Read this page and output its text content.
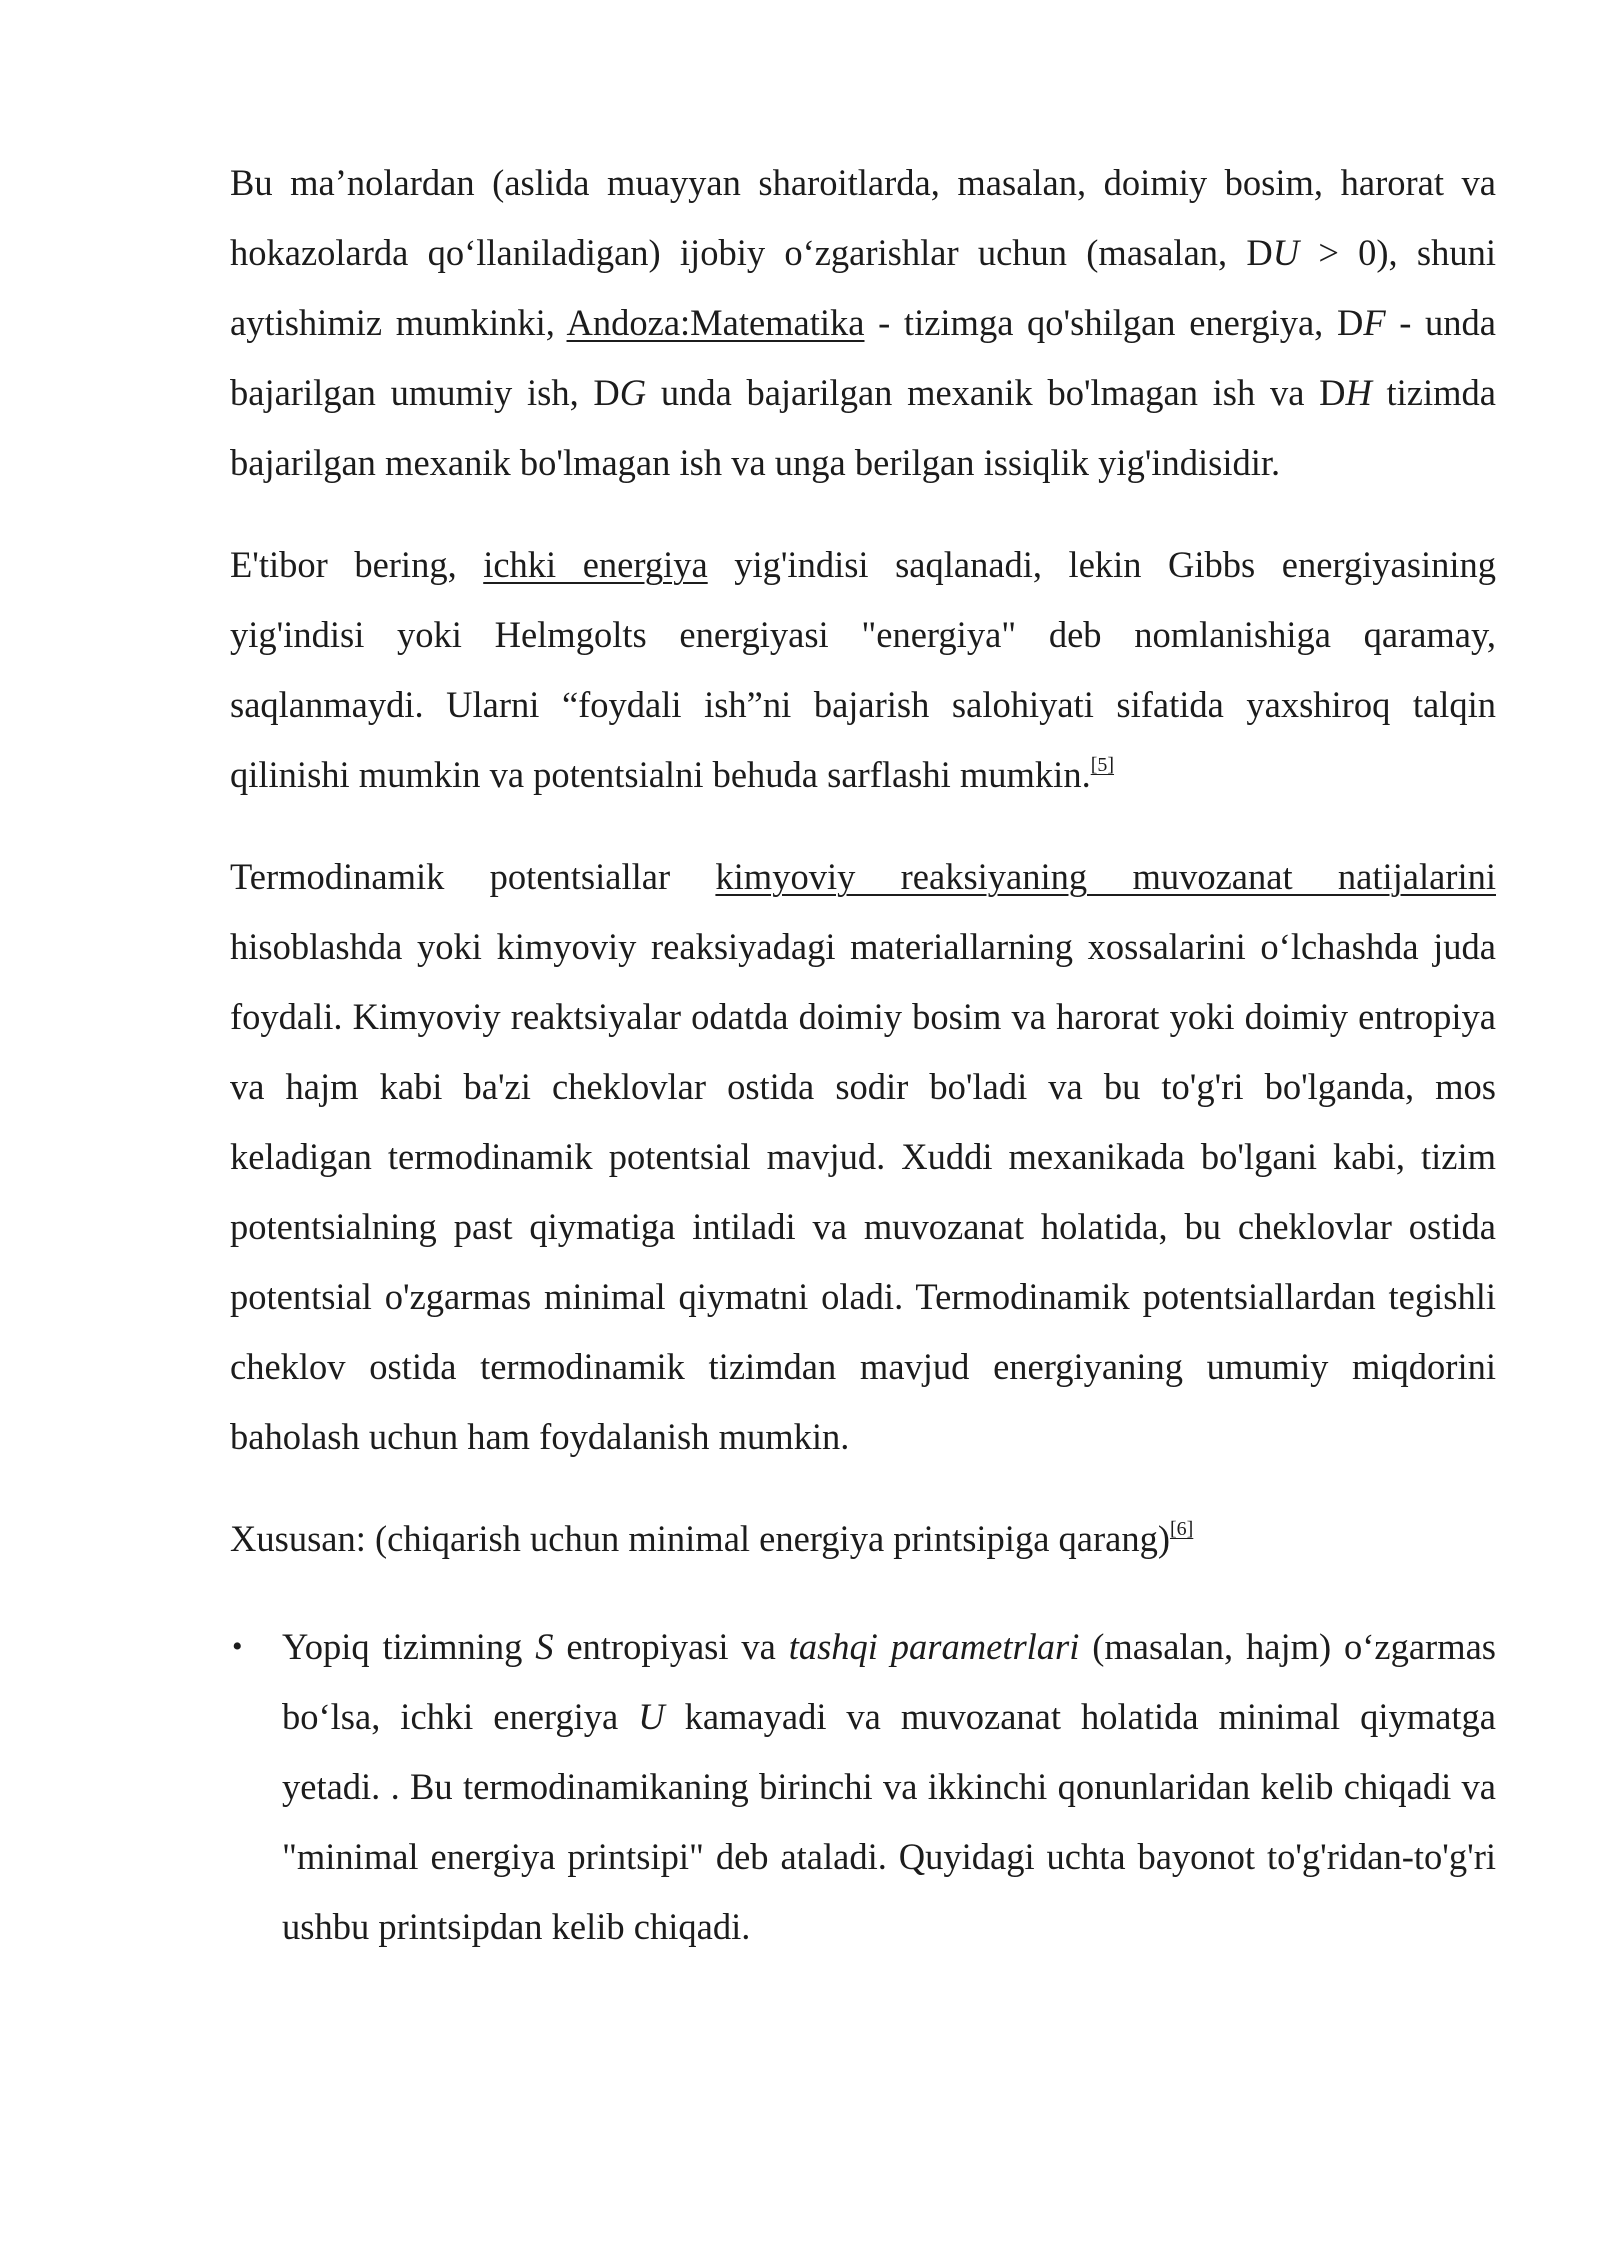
Bu ma’nolardan (aslida muayyan sharoitlarda, masalan, doimiy bosim, harorat va hokazolarda qo‘llaniladigan) ijobiy o‘zgarishlar uchun (masalan, DU > 0), shuni aytishimiz mumkinki, Andoza:Matematika - tizimga qo'shilgan energiya, DF - unda bajarilgan umumiy ish, DG unda bajarilgan mexanik bo'lmagan ish va DH tizimda bajarilgan mexanik bo'lmagan ish va unga berilgan issiqlik yig'indisidir.

E'tibor bering, ichki energiya yig'indisi saqlanadi, lekin Gibbs energiyasining yig'indisi yoki Helmgolts energiyasi "energiya" deb nomlanishiga qaramay, saqlanmaydi. Ularni “foydali ish”ni bajarish salohiyati sifatida yaxshiroq talqin qilinishi mumkin va potentsialni behuda sarflashi mumkin.[5]

Termodinamik potentsiallar kimyoviy reaksiyaning muvozanat natijalarini hisoblashda yoki kimyoviy reaksiyadagi materiallarning xossalarini o‘lchashda juda foydali. Kimyoviy reaktsiyalar odatda doimiy bosim va harorat yoki doimiy entropiya va hajm kabi ba'zi cheklovlar ostida sodir bo'ladi va bu to'g'ri bo'lganda, mos keladigan termodinamik potentsial mavjud. Xuddi mexanikada bo'lgani kabi, tizim potentsialning past qiymatiga intiladi va muvozanat holatida, bu cheklovlar ostida potentsial o'zgarmas minimal qiymatni oladi. Termodinamik potentsiallardan tegishli cheklov ostida termodinamik tizimdan mavjud energiyaning umumiy miqdorini baholash uchun ham foydalanish mumkin.

Xususan: (chiqarish uchun minimal energiya printsipiga qarang)[6]

• Yopiq tizimning S entropiyasi va tashqi parametrlari (masalan, hajm) o‘zgarmas bo‘lsa, ichki energiya U kamayadi va muvozanat holatida minimal qiymatga yetadi. . Bu termodinamikaning birinchi va ikkinchi qonunlaridan kelib chiqadi va "minimal energiya printsipi" deb ataladi. Quyidagi uchta bayonot to'g'ridan-to'g'ri ushbu printsipdan kelib chiqadi.
